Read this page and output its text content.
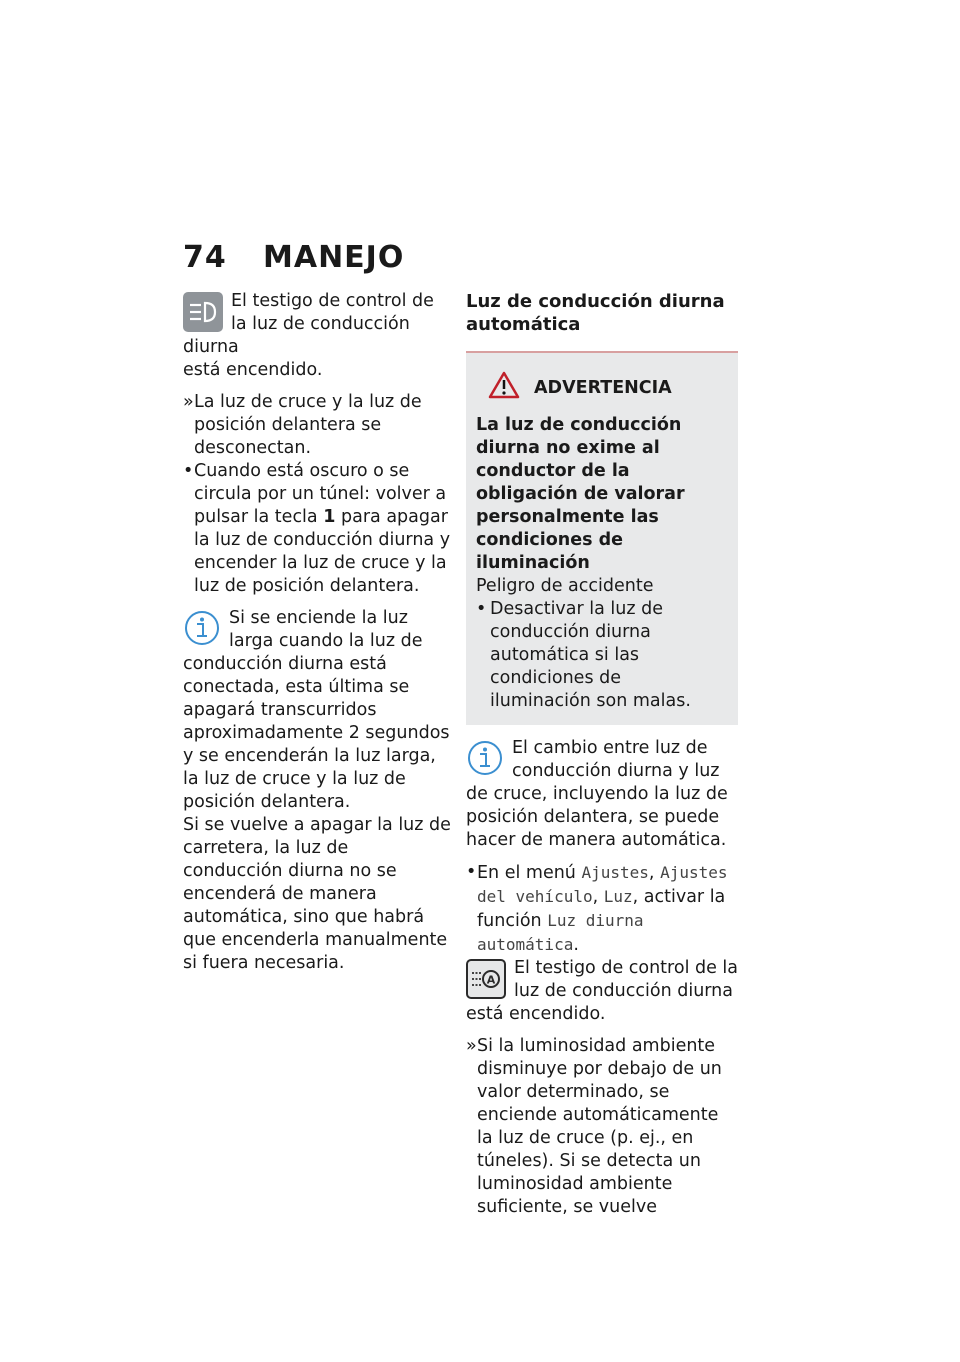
74 MANEJO

El testigo de control de la luz de conducción diurna
está encendido.

» La luz de cruce y la luz de posición delantera se desconectan.
• Cuando está oscuro o se circula por un túnel: volver a pulsar la tecla 1 para apagar la luz de conducción diurna y encender la luz de cruce y la luz de posición delantera.

Si se enciende la luz larga cuando la luz de conducción diurna está conectada, esta última se apagará transcurridos aproximadamente 2 segundos y se encenderán la luz larga, la luz de cruce y la luz de posición delantera.

Si se vuelve a apagar la luz de carretera, la luz de conducción diurna no se encenderá de manera automática, sino que habrá que encenderla manualmente si fuera necesaria.

Luz de conducción diurna automática

ADVERTENCIA

La luz de conducción diurna no exime al conductor de la obligación de valorar personalmente las condiciones de iluminación

Peligro de accidente

• Desactivar la luz de conducción diurna automática si las condiciones de iluminación son malas.

El cambio entre luz de conducción diurna y luz de cruce, incluyendo la luz de posición delantera, se puede hacer de manera automática.

• En el menú Ajustes, Ajustes del vehículo, Luz, activar la función Luz diurna automática.
A

El testigo de control de la luz de conducción diurna
está encendido.

» Si la luminosidad ambiente disminuye por debajo de un valor determinado, se enciende automáticamente la luz de cruce (p. ej., en túneles). Si se detecta un luminosidad ambiente suficiente, se vuelve
